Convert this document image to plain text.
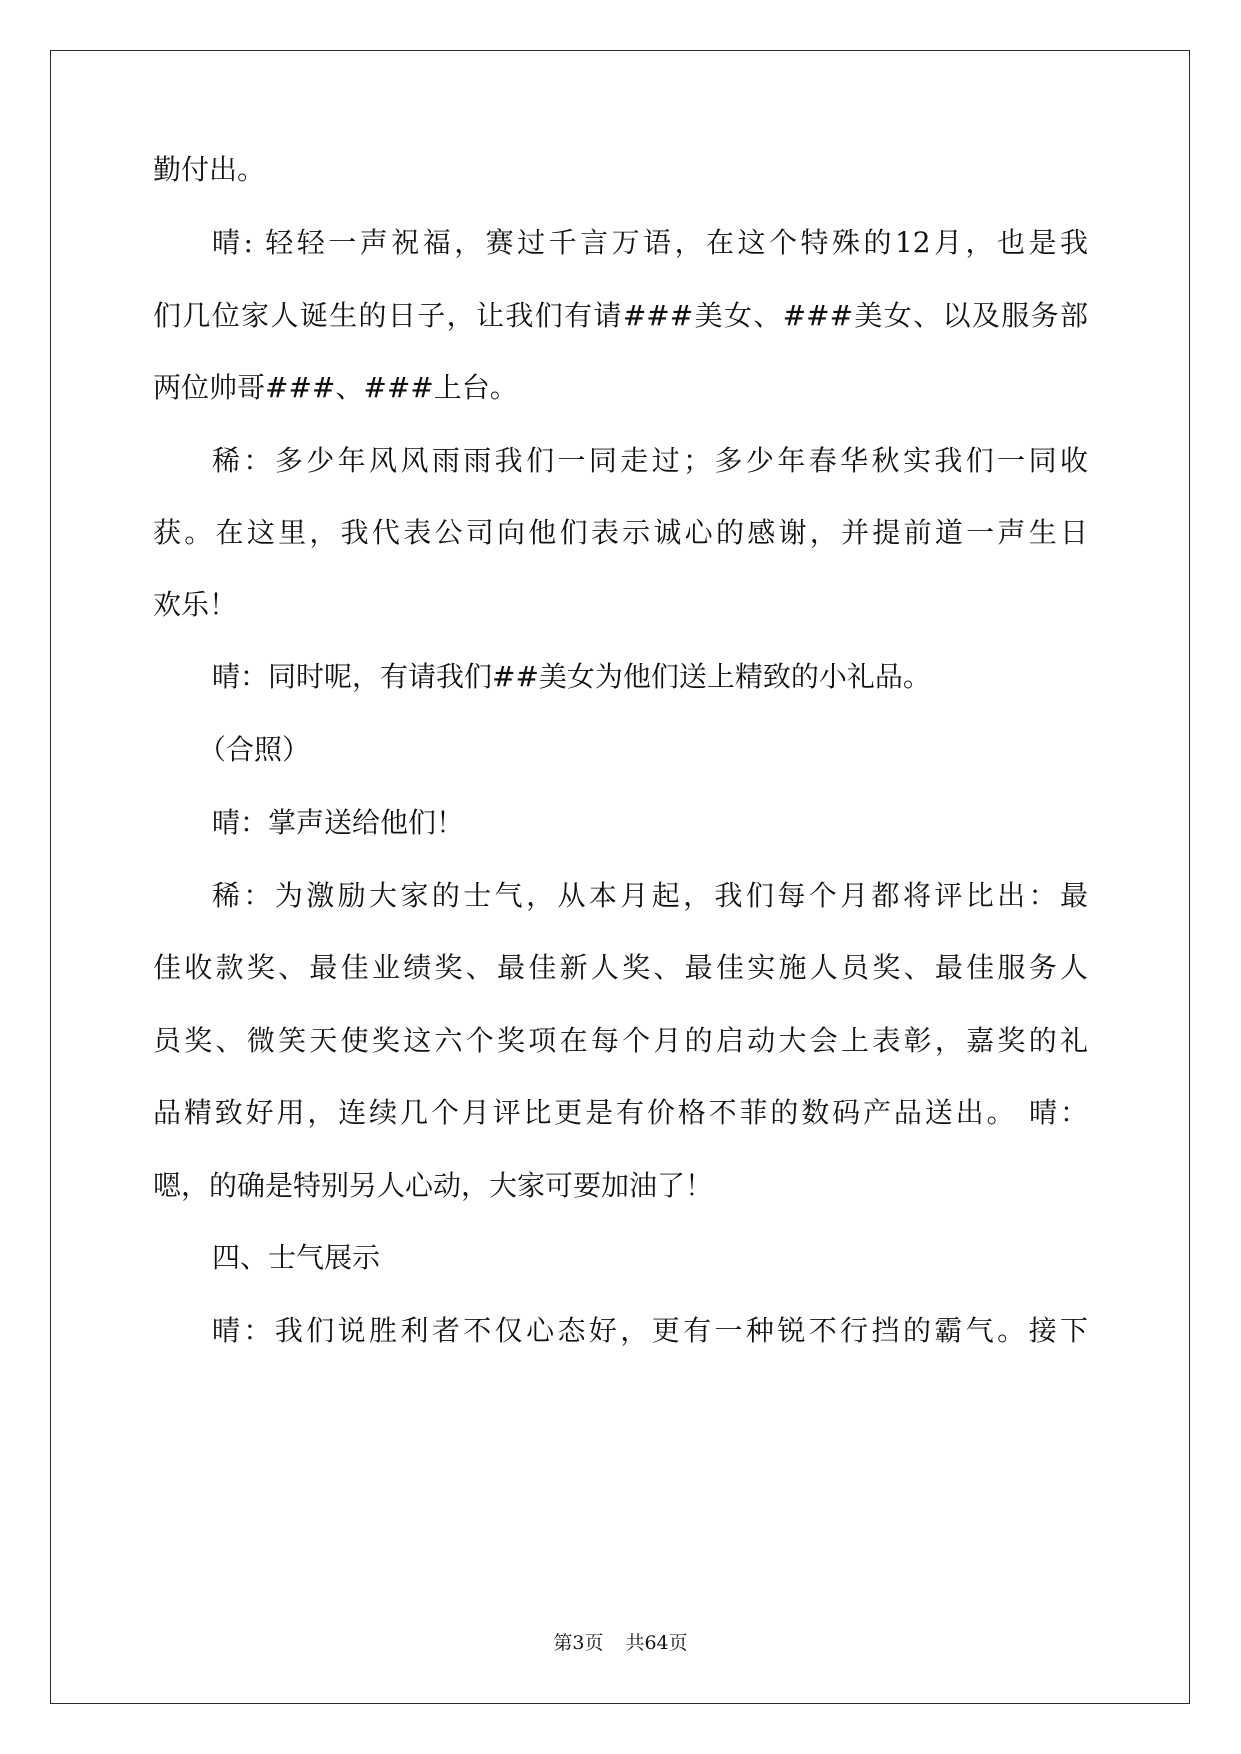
勤付出。
晴: 轻轻一声祝福，赛过千言万语，在这个特殊的12月，也是我
们几位家人诞生的日子，让我们有请###美女、###美女、以及服务部
两位帅哥###、###上台。
稀：多少年风风雨雨我们一同走过；多少年春华秋实我们一同收
获。在这里，我代表公司向他们表示诚心的感谢，并提前道一声生日
欢乐！
晴：同时呢，有请我们##美女为他们送上精致的小礼品。
（合照）
晴：掌声送给他们！
稀：为激励大家的士气，从本月起，我们每个月都将评比出：最
佳收款奖、最佳业绩奖、最佳新人奖、最佳实施人员奖、最佳服务人
员奖、微笑天使奖这六个奖项在每个月的启动大会上表彰，嘉奖的礼
品精致好用，连续几个月评比更是有价格不菲的数码产品送出。 晴：
嗯，的确是特别另人心动，大家可要加油了！
四、士气展示
晴：我们说胜利者不仅心态好，更有一种锐不行挡的霸气。接下
第3页 共64页
